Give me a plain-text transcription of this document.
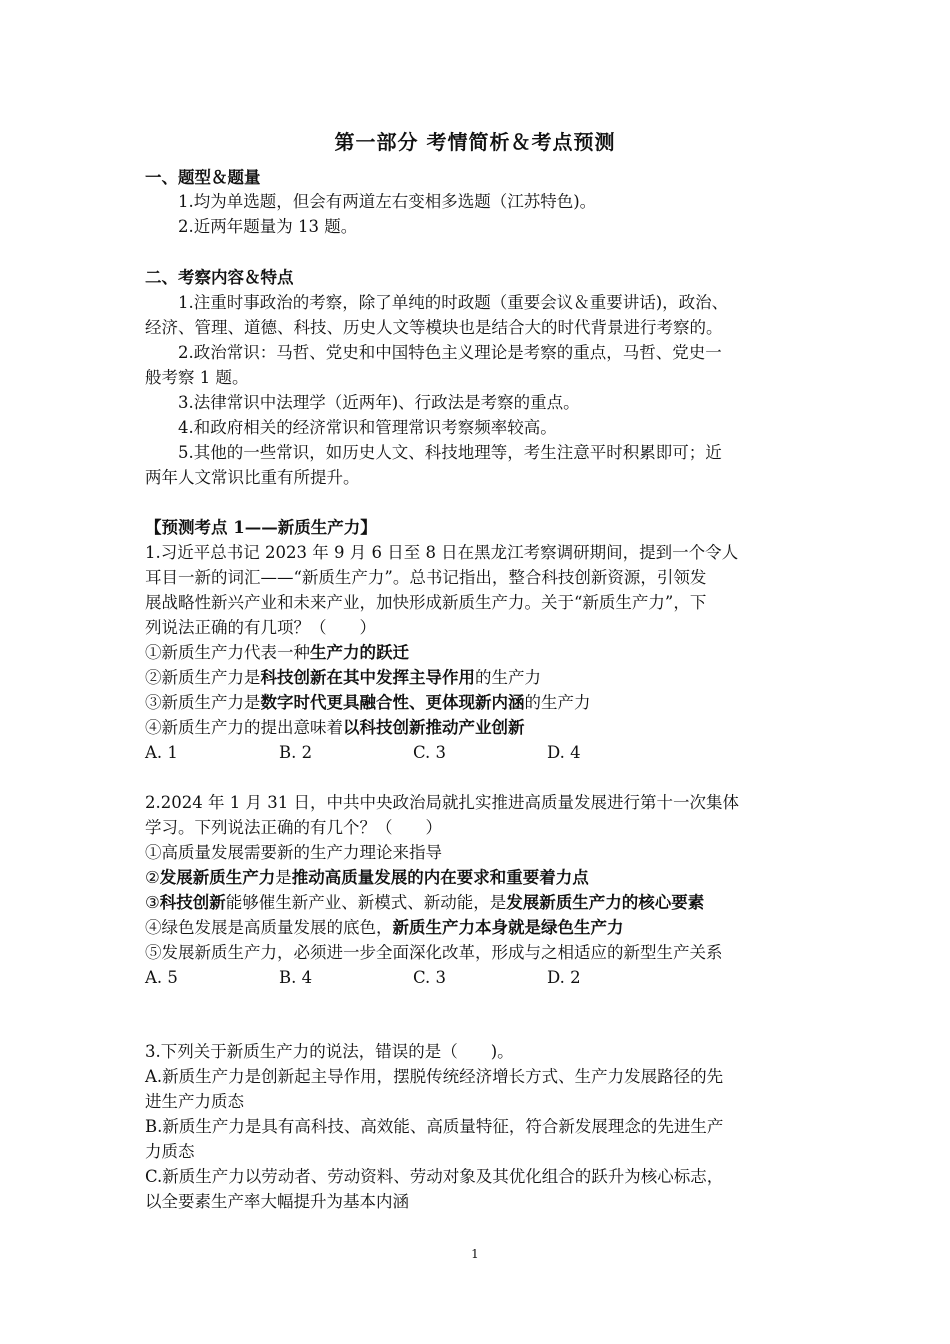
第一部分 考情简析＆考点预测
一、题型＆题量
1.均为单选题，但会有两道左右变相多选题（江苏特色)。
2.近两年题量为 13 题。
二、考察内容＆特点
1.注重时事政治的考察，除了单纯的时政题（重要会议＆重要讲话)，政治、
经济、管理、道德、科技、历史人文等模块也是结合大的时代背景进行考察的。
2.政治常识：马哲、党史和中国特色主义理论是考察的重点，马哲、党史一
般考察 1 题。
3.法律常识中法理学（近两年)、行政法是考察的重点。
4.和政府相关的经济常识和管理常识考察频率较高。
5.其他的一些常识，如历史人文、科技地理等，考生注意平时积累即可；近
两年人文常识比重有所提升。
【预测考点 1——新质生产力】
1.习近平总书记 2023 年 9 月 6 日至 8 日在黑龙江考察调研期间，提到一个令人
耳目一新的词汇——“新质生产力”。总书记指出，整合科技创新资源，引领发
展战略性新兴产业和未来产业，加快形成新质生产力。关于“新质生产力”，下
列说法正确的有几项？（　　）
①新质生产力代表一种生产力的跃迁
②新质生产力是科技创新在其中发挥主导作用的生产力
③新质生产力是数字时代更具融合性、更体现新内涵的生产力
④新质生产力的提出意味着以科技创新推动产业创新
A. 1	B. 2	C. 3	D. 4
2.2024 年 1 月 31 日，中共中央政治局就扎实推进高质量发展进行第十一次集体
学习。下列说法正确的有几个？（　　）
①高质量发展需要新的生产力理论来指导
②发展新质生产力是推动高质量发展的内在要求和重要着力点
③科技创新能够催生新产业、新模式、新动能，是发展新质生产力的核心要素
④绿色发展是高质量发展的底色，新质生产力本身就是绿色生产力
⑤发展新质生产力，必须进一步全面深化改革，形成与之相适应的新型生产关系
A. 5	B. 4	C. 3	D. 2
3.下列关于新质生产力的说法，错误的是（　　)。
A.新质生产力是创新起主导作用，摆脱传统经济增长方式、生产力发展路径的先
进生产力质态
B.新质生产力是具有高科技、高效能、高质量特征，符合新发展理念的先进生产
力质态
C.新质生产力以劳动者、劳动资料、劳动对象及其优化组合的跃升为核心标志，
以全要素生产率大幅提升为基本内涵
1
